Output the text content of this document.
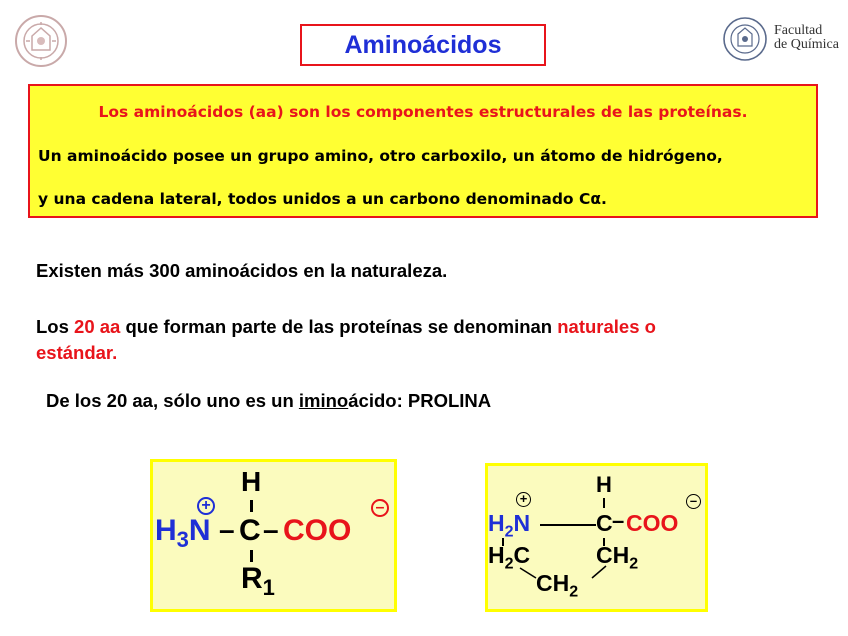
Aminoácidos	Facultad
de Química
Los aminoácidos (aa) son los componentes estructurales de las proteínas.
Un aminoácido posee un grupo amino, otro carboxilo, un átomo de hidrógeno,
y una cadena lateral, todos unidos a un carbono denominado Cα.
Existen más 300 aminoácidos en la naturaleza.
Los 20 aa que forman parte de las proteínas se denominan naturales o
estándar.
De los 20 aa, sólo uno es un iminoácido: PROLINA
H
+
$H_3N$ – C – COO
–
$R_1$
H
+
$H_2N$	C – COO
–
$H_2C$	$CH_2$
$CH_2$
